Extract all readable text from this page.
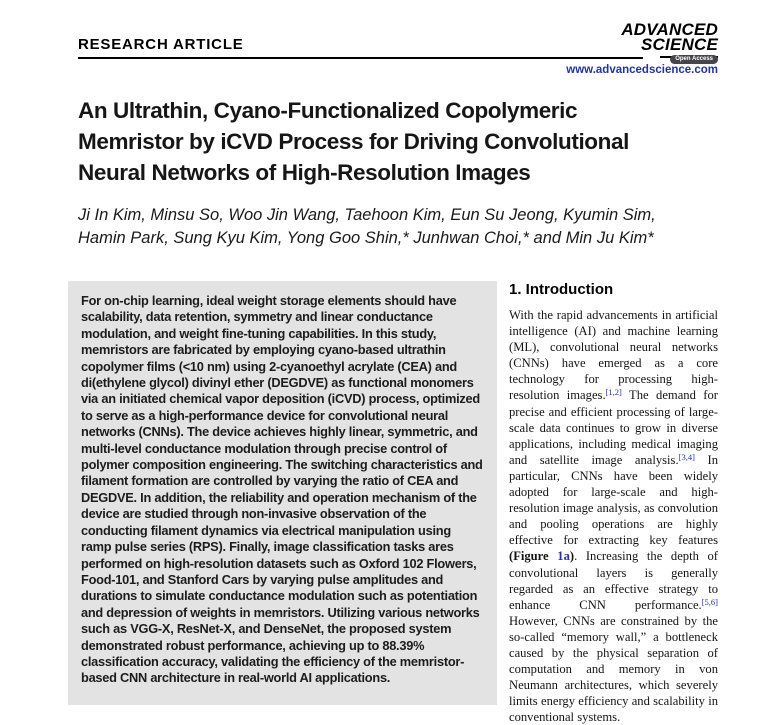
RESEARCH ARTICLE
ADVANCED
SCIENCE
Open Access
www.advancedscience.com
An Ultrathin, Cyano-Functionalized Copolymeric Memristor by iCVD Process for Driving Convolutional Neural Networks of High-Resolution Images
Ji In Kim, Minsu So, Woo Jin Wang, Taehoon Kim, Eun Su Jeong, Kyumin Sim, Hamin Park, Sung Kyu Kim, Yong Goo Shin,* Junhwan Choi,* and Min Ju Kim*
For on-chip learning, ideal weight storage elements should have scalability, data retention, symmetry and linear conductance modulation, and weight fine-tuning capabilities. In this study, memristors are fabricated by employing cyano-based ultrathin copolymer films (<10 nm) using 2-cyanoethyl acrylate (CEA) and di(ethylene glycol) divinyl ether (DEGDVE) as functional monomers via an initiated chemical vapor deposition (iCVD) process, optimized to serve as a high-performance device for convolutional neural networks (CNNs). The device achieves highly linear, symmetric, and multi-level conductance modulation through precise control of polymer composition engineering. The switching characteristics and filament formation are controlled by varying the ratio of CEA and DEGDVE. In addition, the reliability and operation mechanism of the device are studied through non-invasive observation of the conducting filament dynamics via electrical manipulation using ramp pulse series (RPS). Finally, image classification tasks ares performed on high-resolution datasets such as Oxford 102 Flowers, Food-101, and Stanford Cars by varying pulse amplitudes and durations to simulate conductance modulation such as potentiation and depression of weights in memristors. Utilizing various networks such as VGG-X, ResNet-X, and DenseNet, the proposed system demonstrated robust performance, achieving up to 88.39% classification accuracy, validating the efficiency of the memristor-based CNN architecture in real-world AI applications.
1. Introduction

With the rapid advancements in artificial intelligence (AI) and machine learning (ML), convolutional neural networks (CNNs) have emerged as a core technology for processing high-resolution images.[1,2] The demand for precise and efficient processing of large-scale data continues to grow in diverse applications, including medical imaging and satellite image analysis.[3,4] In particular, CNNs have been widely adopted for large-scale and high-resolution image analysis, as convolution and pooling operations are highly effective for extracting key features (Figure 1a). Increasing the depth of convolutional layers is generally regarded as an effective strategy to enhance CNN performance.[5,6] However, CNNs are constrained by the so-called “memory wall,” a bottleneck caused by the physical separation of computation and memory in von Neumann architectures, which severely limits energy efficiency and scalability in conventional systems.
